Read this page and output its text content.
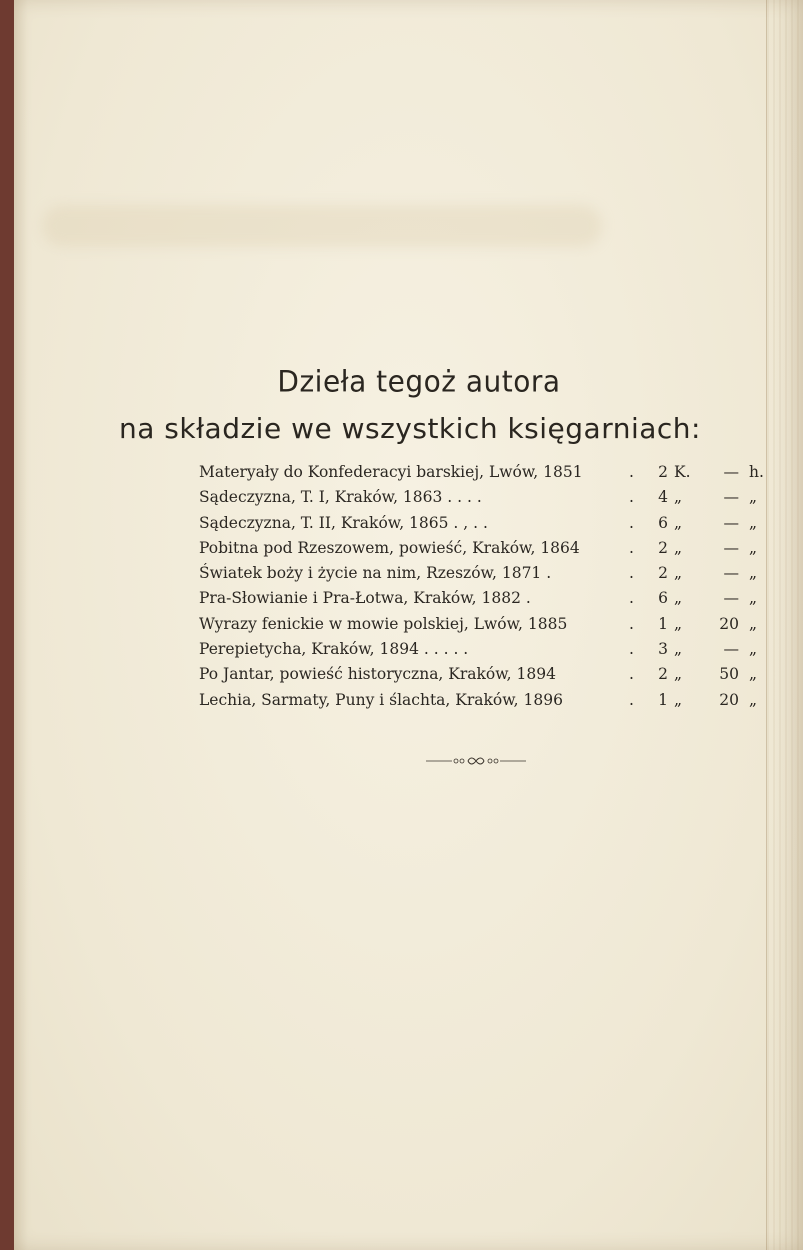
Dzieła tegoż autora
na składzie we wszystkich księgarniach:
Materyały do Konfederacyi barskiej, Lwów, 1851	. 2 K.	— h.
Sądeczyzna, T. I, Kraków, 1863 . . . .	. 4 „	— „
Sądeczyzna, T. II, Kraków, 1865 . , . .	. 6 „	— „
Pobitna pod Rzeszowem, powieść, Kraków, 1864	. 2 „	— „
Światek boży i życie na nim, Rzeszów, 1871 .	. 2 „	— „
Pra-Słowianie i Pra-Łotwa, Kraków, 1882 .	. 6 „	— „
Wyrazy fenickie w mowie polskiej, Lwów, 1885	. 1 „ 20 „
Perepietycha, Kraków, 1894 . . . . .	. 3 „	— „
Po Jantar, powieść historyczna, Kraków, 1894	. 2 „ 50 „
Lechia, Sarmaty, Puny i ślachta, Kraków, 1896	. 1 „ 20 „
